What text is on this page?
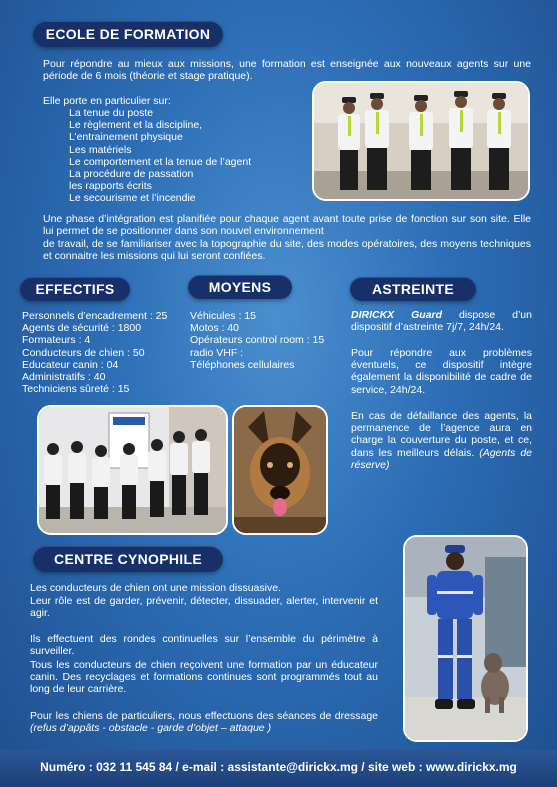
ECOLE DE FORMATION
Pour répondre au mieux aux missions, une formation est enseignée aux nouveaux agents sur une période de 6 mois (théorie et stage pratique).
Elle porte en particulier sur:
La tenue du poste
Le règlement et la discipline,
L’entrainement physique
Les matériels
Le comportement et la tenue de l’agent
La procédure de passation
les rapports écrits
Le secourisme et l’incendie
Une phase d’intégration est planifiée pour chaque agent avant toute prise de fonction sur son site. Elle lui permet de se positionner dans son nouvel environnement
de travail, de se familiariser avec la topographie du site, des modes opératoires, des moyens techniques et connaitre les missions qui lui seront confiées.
EFFECTIFS
Personnels d’encadrement : 25
Agents de sécurité : 1800
Formateurs : 4
Conducteurs de chien : 50
Educateur canin : 04
Administratifs : 40
Techniciens sûreté : 15
MOYENS
Véhicules : 15
Motos : 40
Opérateurs control room : 15
radio VHF :
Téléphones cellulaires
ASTREINTE
DIRICKX Guard dispose d’un dispositif d’astreinte 7j/7, 24h/24.
Pour répondre aux problèmes éventuels, ce dispositif intègre également la disponibilité de cadre de service, 24h/24.
En cas de défaillance des agents, la permanence de l’agence aura en charge la couverture du poste, et ce, dans les meilleurs délais. (Agents de réserve)
CENTRE CYNOPHILE
Les conducteurs de chien ont une mission dissuasive.
Leur rôle est de garder, prévenir, détecter, dissuader, alerter, intervenir et agir.
Ils effectuent des rondes continuelles sur l’ensemble du périmètre à surveiller.
Tous les conducteurs de chien reçoivent une formation par un éducateur canin. Des recyclages et formations continues sont programmés tout au long de leur carrière.
Pour les chiens de particuliers, nous effectuons des séances de dressage (refus d’appâts - obstacle - garde d’objet – attaque )
Numéro : 032 11 545 84 / e-mail : assistante@dirickx.mg / site web : www.dirickx.mg
